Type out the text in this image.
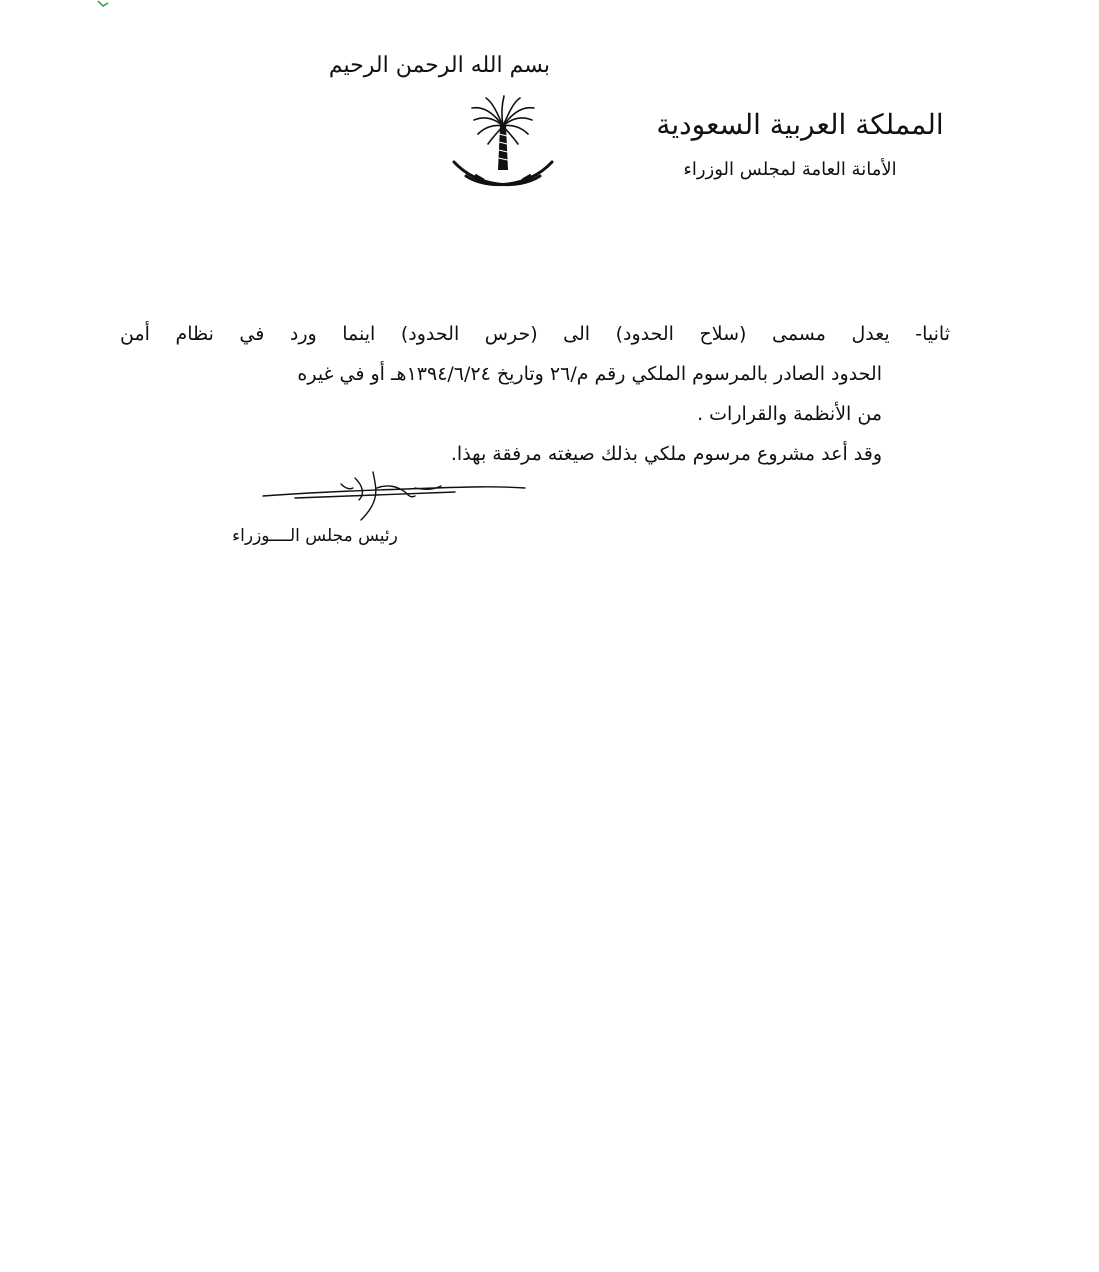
بسم الله الرحمن الرحيم
المملكة العربية السعودية
الأمانة العامة لمجلس الوزراء
ثانيا- يعدل مسمى (سلاح الحدود) الى (حرس الحدود) اينما ورد في نظام أمن
الحدود الصادر بالمرسوم الملكي رقم م/٢٦ وتاريخ ١٣٩٤/٦/٢٤هـ أو في غيره
من الأنظمة والقرارات .
وقد أعد مشروع مرسوم ملكي بذلك صيغته مرفقة بهذا.
رئيس مجلس الــــوزراء
